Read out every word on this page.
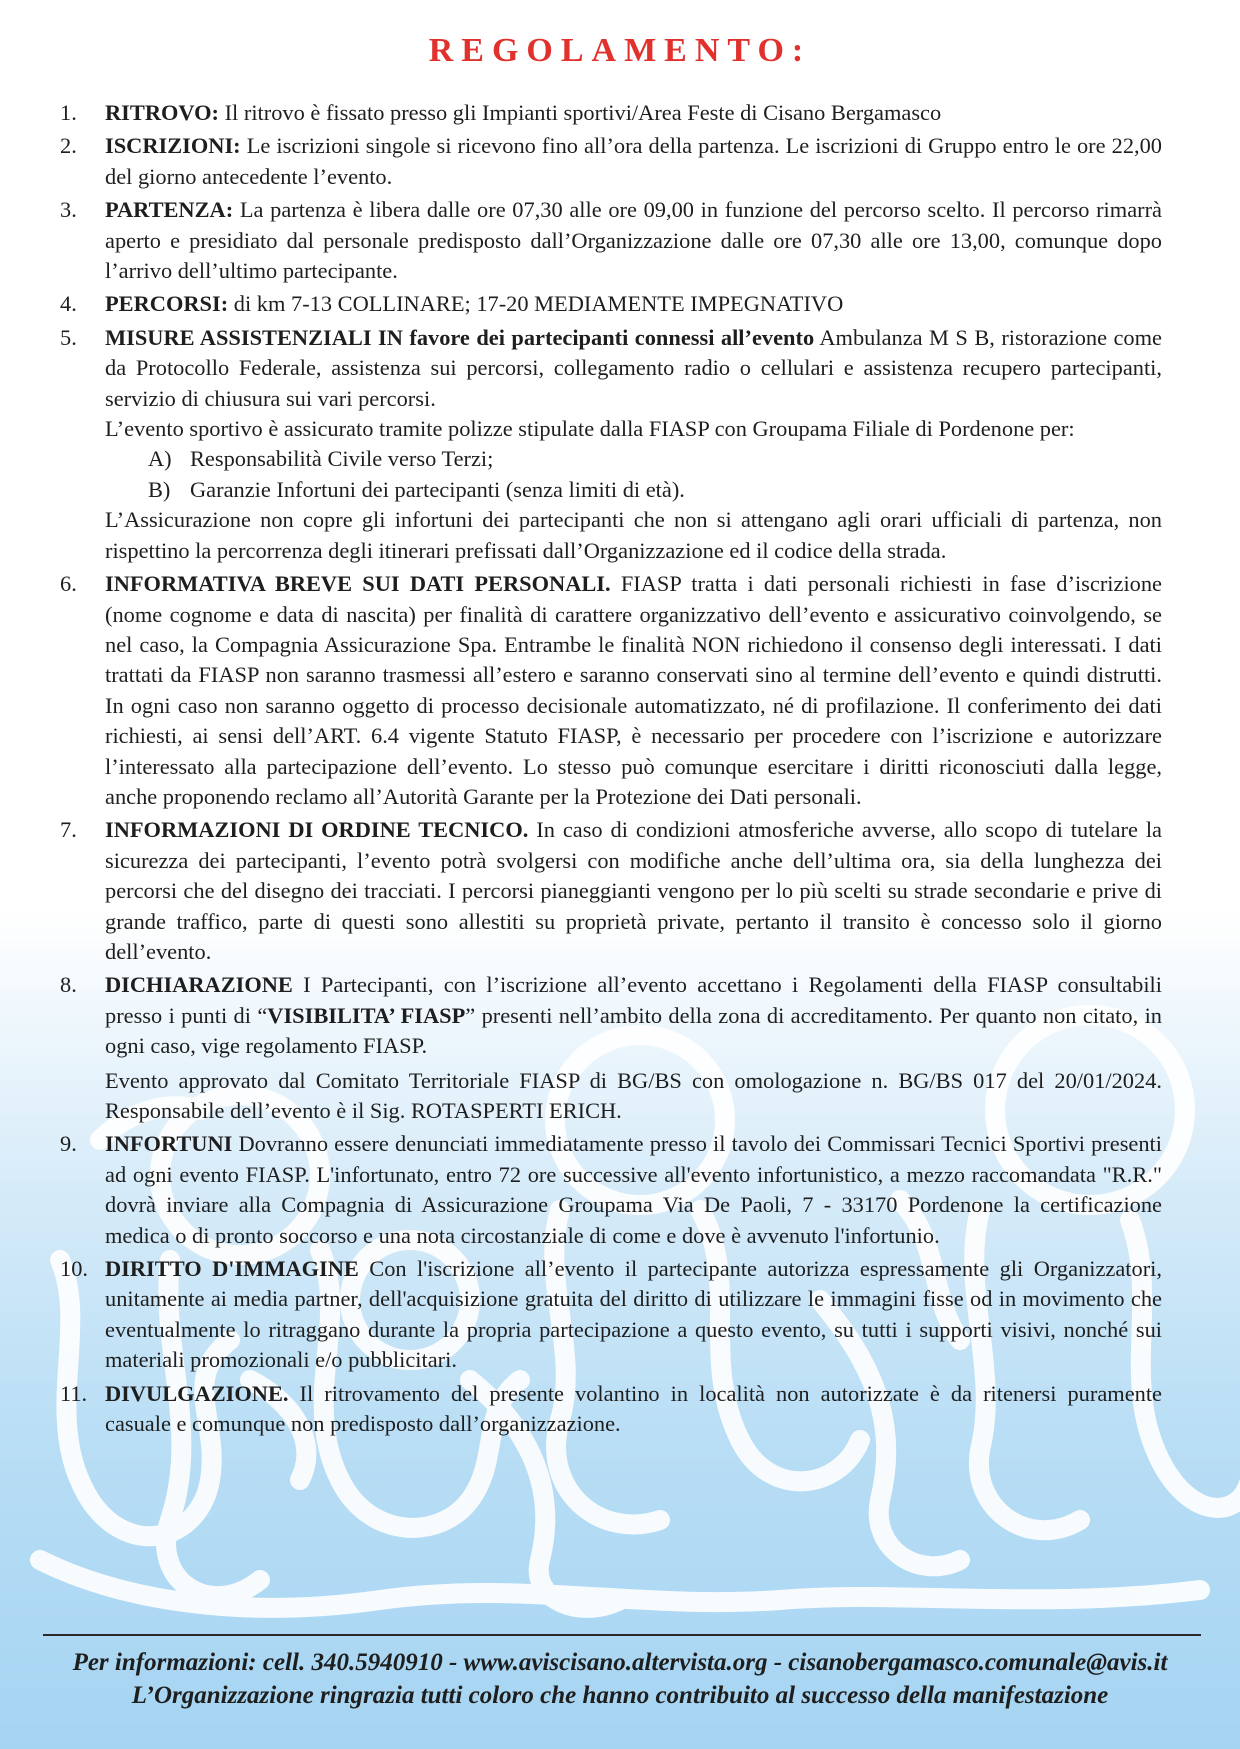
REGOLAMENTO:
1. RITROVO: Il ritrovo è fissato presso gli Impianti sportivi/Area Feste di Cisano Bergamasco

2. ISCRIZIONI: Le iscrizioni singole si ricevono fino all’ora della partenza. Le iscrizioni di Gruppo entro le ore 22,00 del giorno antecedente l’evento.

3. PARTENZA: La partenza è libera dalle ore 07,30 alle ore 09,00 in funzione del percorso scelto. Il percorso rimarrà aperto e presidiato dal personale predisposto dall’Organizzazione dalle ore 07,30 alle ore 13,00, comunque dopo l’arrivo dell’ultimo partecipante.

4. PERCORSI: di km 7-13 COLLINARE; 17-20 MEDIAMENTE IMPEGNATIVO

5. MISURE ASSISTENZIALI IN favore dei partecipanti connessi all’evento Ambulanza M S B, ristorazione come da Protocollo Federale, assistenza sui percorsi, collegamento radio o cellulari e assistenza recupero partecipanti, servizio di chiusura sui vari percorsi.

L’evento sportivo è assicurato tramite polizze stipulate dalla FIASP con Groupama Filiale di Pordenone per:

A) Responsabilità Civile verso Terzi;
B) Garanzie Infortuni dei partecipanti (senza limiti di età).

L’Assicurazione non copre gli infortuni dei partecipanti che non si attengano agli orari ufficiali di partenza, non rispettino la percorrenza degli itinerari prefissati dall’Organizzazione ed il codice della strada.

6. INFORMATIVA BREVE SUI DATI PERSONALI. FIASP tratta i dati personali richiesti in fase d’iscrizione (nome cognome e data di nascita) per finalità di carattere organizzativo dell’evento e assicurativo coinvolgendo, se nel caso, la Compagnia Assicurazione Spa. Entrambe le finalità NON richiedono il consenso degli interessati. I dati trattati da FIASP non saranno trasmessi all’estero e saranno conservati sino al termine dell’evento e quindi distrutti. In ogni caso non saranno oggetto di processo decisionale automatizzato, né di profilazione. Il conferimento dei dati richiesti, ai sensi dell’ART. 6.4 vigente Statuto FIASP, è necessario per procedere con l’iscrizione e autorizzare l’interessato alla partecipazione dell’evento. Lo stesso può comunque esercitare i diritti riconosciuti dalla legge, anche proponendo reclamo all’Autorità Garante per la Protezione dei Dati personali.

7. INFORMAZIONI DI ORDINE TECNICO. In caso di condizioni atmosferiche avverse, allo scopo di tutelare la sicurezza dei partecipanti, l’evento potrà svolgersi con modifiche anche dell’ultima ora, sia della lunghezza dei percorsi che del disegno dei tracciati. I percorsi pianeggianti vengono per lo più scelti su strade secondarie e prive di grande traffico, parte di questi sono allestiti su proprietà private, pertanto il transito è concesso solo il giorno dell’evento.

8. DICHIARAZIONE I Partecipanti, con l’iscrizione all’evento accettano i Regolamenti della FIASP consultabili presso i punti di “VISIBILITA’ FIASP” presenti nell’ambito della zona di accreditamento. Per quanto non citato, in ogni caso, vige regolamento FIASP.

Evento approvato dal Comitato Territoriale FIASP di BG/BS con omologazione n. BG/BS 017 del 20/01/2024. Responsabile dell’evento è il Sig. ROTASPERTI ERICH.

9. INFORTUNI Dovranno essere denunciati immediatamente presso il tavolo dei Commissari Tecnici Sportivi presenti ad ogni evento FIASP. L'infortunato, entro 72 ore successive all'evento infortunistico, a mezzo raccomandata "R.R." dovrà inviare alla Compagnia di Assicurazione Groupama Via De Paoli, 7 - 33170 Pordenone la certificazione medica o di pronto soccorso e una nota circostanziale di come e dove è avvenuto l'infortunio.

10. DIRITTO D'IMMAGINE Con l'iscrizione all’evento il partecipante autorizza espressamente gli Organizzatori, unitamente ai media partner, dell'acquisizione gratuita del diritto di utilizzare le immagini fisse od in movimento che eventualmente lo ritraggano durante la propria partecipazione a questo evento, su tutti i supporti visivi, nonché sui materiali promozionali e/o pubblicitari.

11. DIVULGAZIONE. Il ritrovamento del presente volantino in località non autorizzate è da ritenersi puramente casuale e comunque non predisposto dall’organizzazione.

Per informazioni: cell. 340.5940910 - www.aviscisano.altervista.org - cisanobergamasco.comunale@avis.it
L’Organizzazione ringrazia tutti coloro che hanno contribuito al successo della manifestazione
